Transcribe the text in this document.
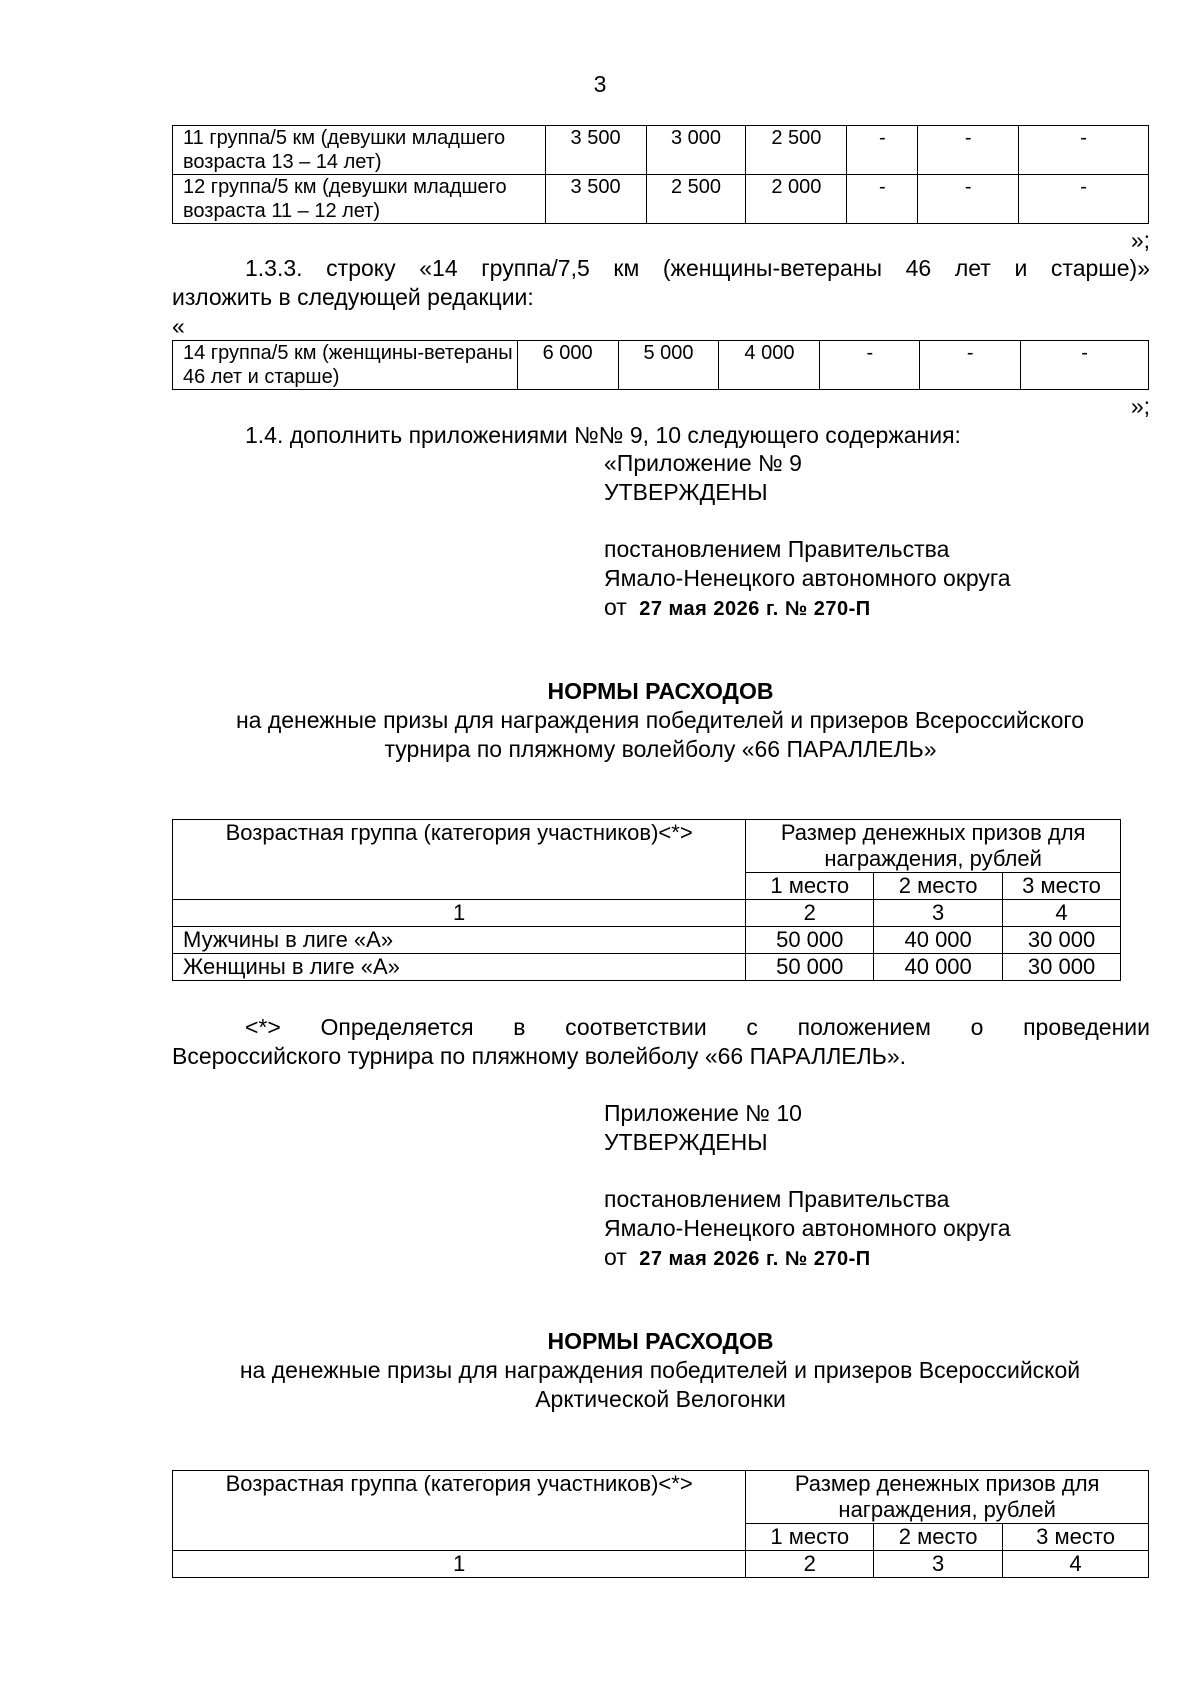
3
11 группа/5 км (девушки младшего возраста 13 – 14 лет)	3 500	3 000	2 500	-	-	-
12 группа/5 км (девушки младшего возраста 11 – 12 лет)	3 500	2 500	2 000	-	-	-
»;
1.3.3. строку «14 группа/7,5 км (женщины-ветераны 46 лет и старше)»
изложить в следующей редакции:
«
14 группа/5 км (женщины-ветераны 46 лет и старше)	6 000	5 000	4 000	-	-	-
»;
1.4. дополнить приложениями №№ 9, 10 следующего содержания:
«Приложение № 9
УТВЕРЖДЕНЫ
постановлением Правительства
Ямало-Ненецкого автономного округа
от 27 мая 2026 г. № 270-П
НОРМЫ РАСХОДОВ
на денежные призы для награждения победителей и призеров Всероссийского
турнира по пляжному волейболу «66 ПАРАЛЛЕЛЬ»
Возрастная группа (категория участников)<*>	Размер денежных призов для награждения, рублей		
	1 место	2 место	3 место
1	2	3	4
Мужчины в лиге «А»	50 000	40 000	30 000
Женщины в лиге «А»	50 000	40 000	30 000
<*> Определяется в соответствии с положением о проведении
Всероссийского турнира по пляжному волейболу «66 ПАРАЛЛЕЛЬ».
Приложение № 10
УТВЕРЖДЕНЫ
постановлением Правительства
Ямало-Ненецкого автономного округа
от 27 мая 2026 г. № 270-П
НОРМЫ РАСХОДОВ
на денежные призы для награждения победителей и призеров Всероссийской
Арктической Велогонки
Возрастная группа (категория участников)<*>	Размер денежных призов для награждения, рублей		
	1 место	2 место	3 место
1	2	3	4
